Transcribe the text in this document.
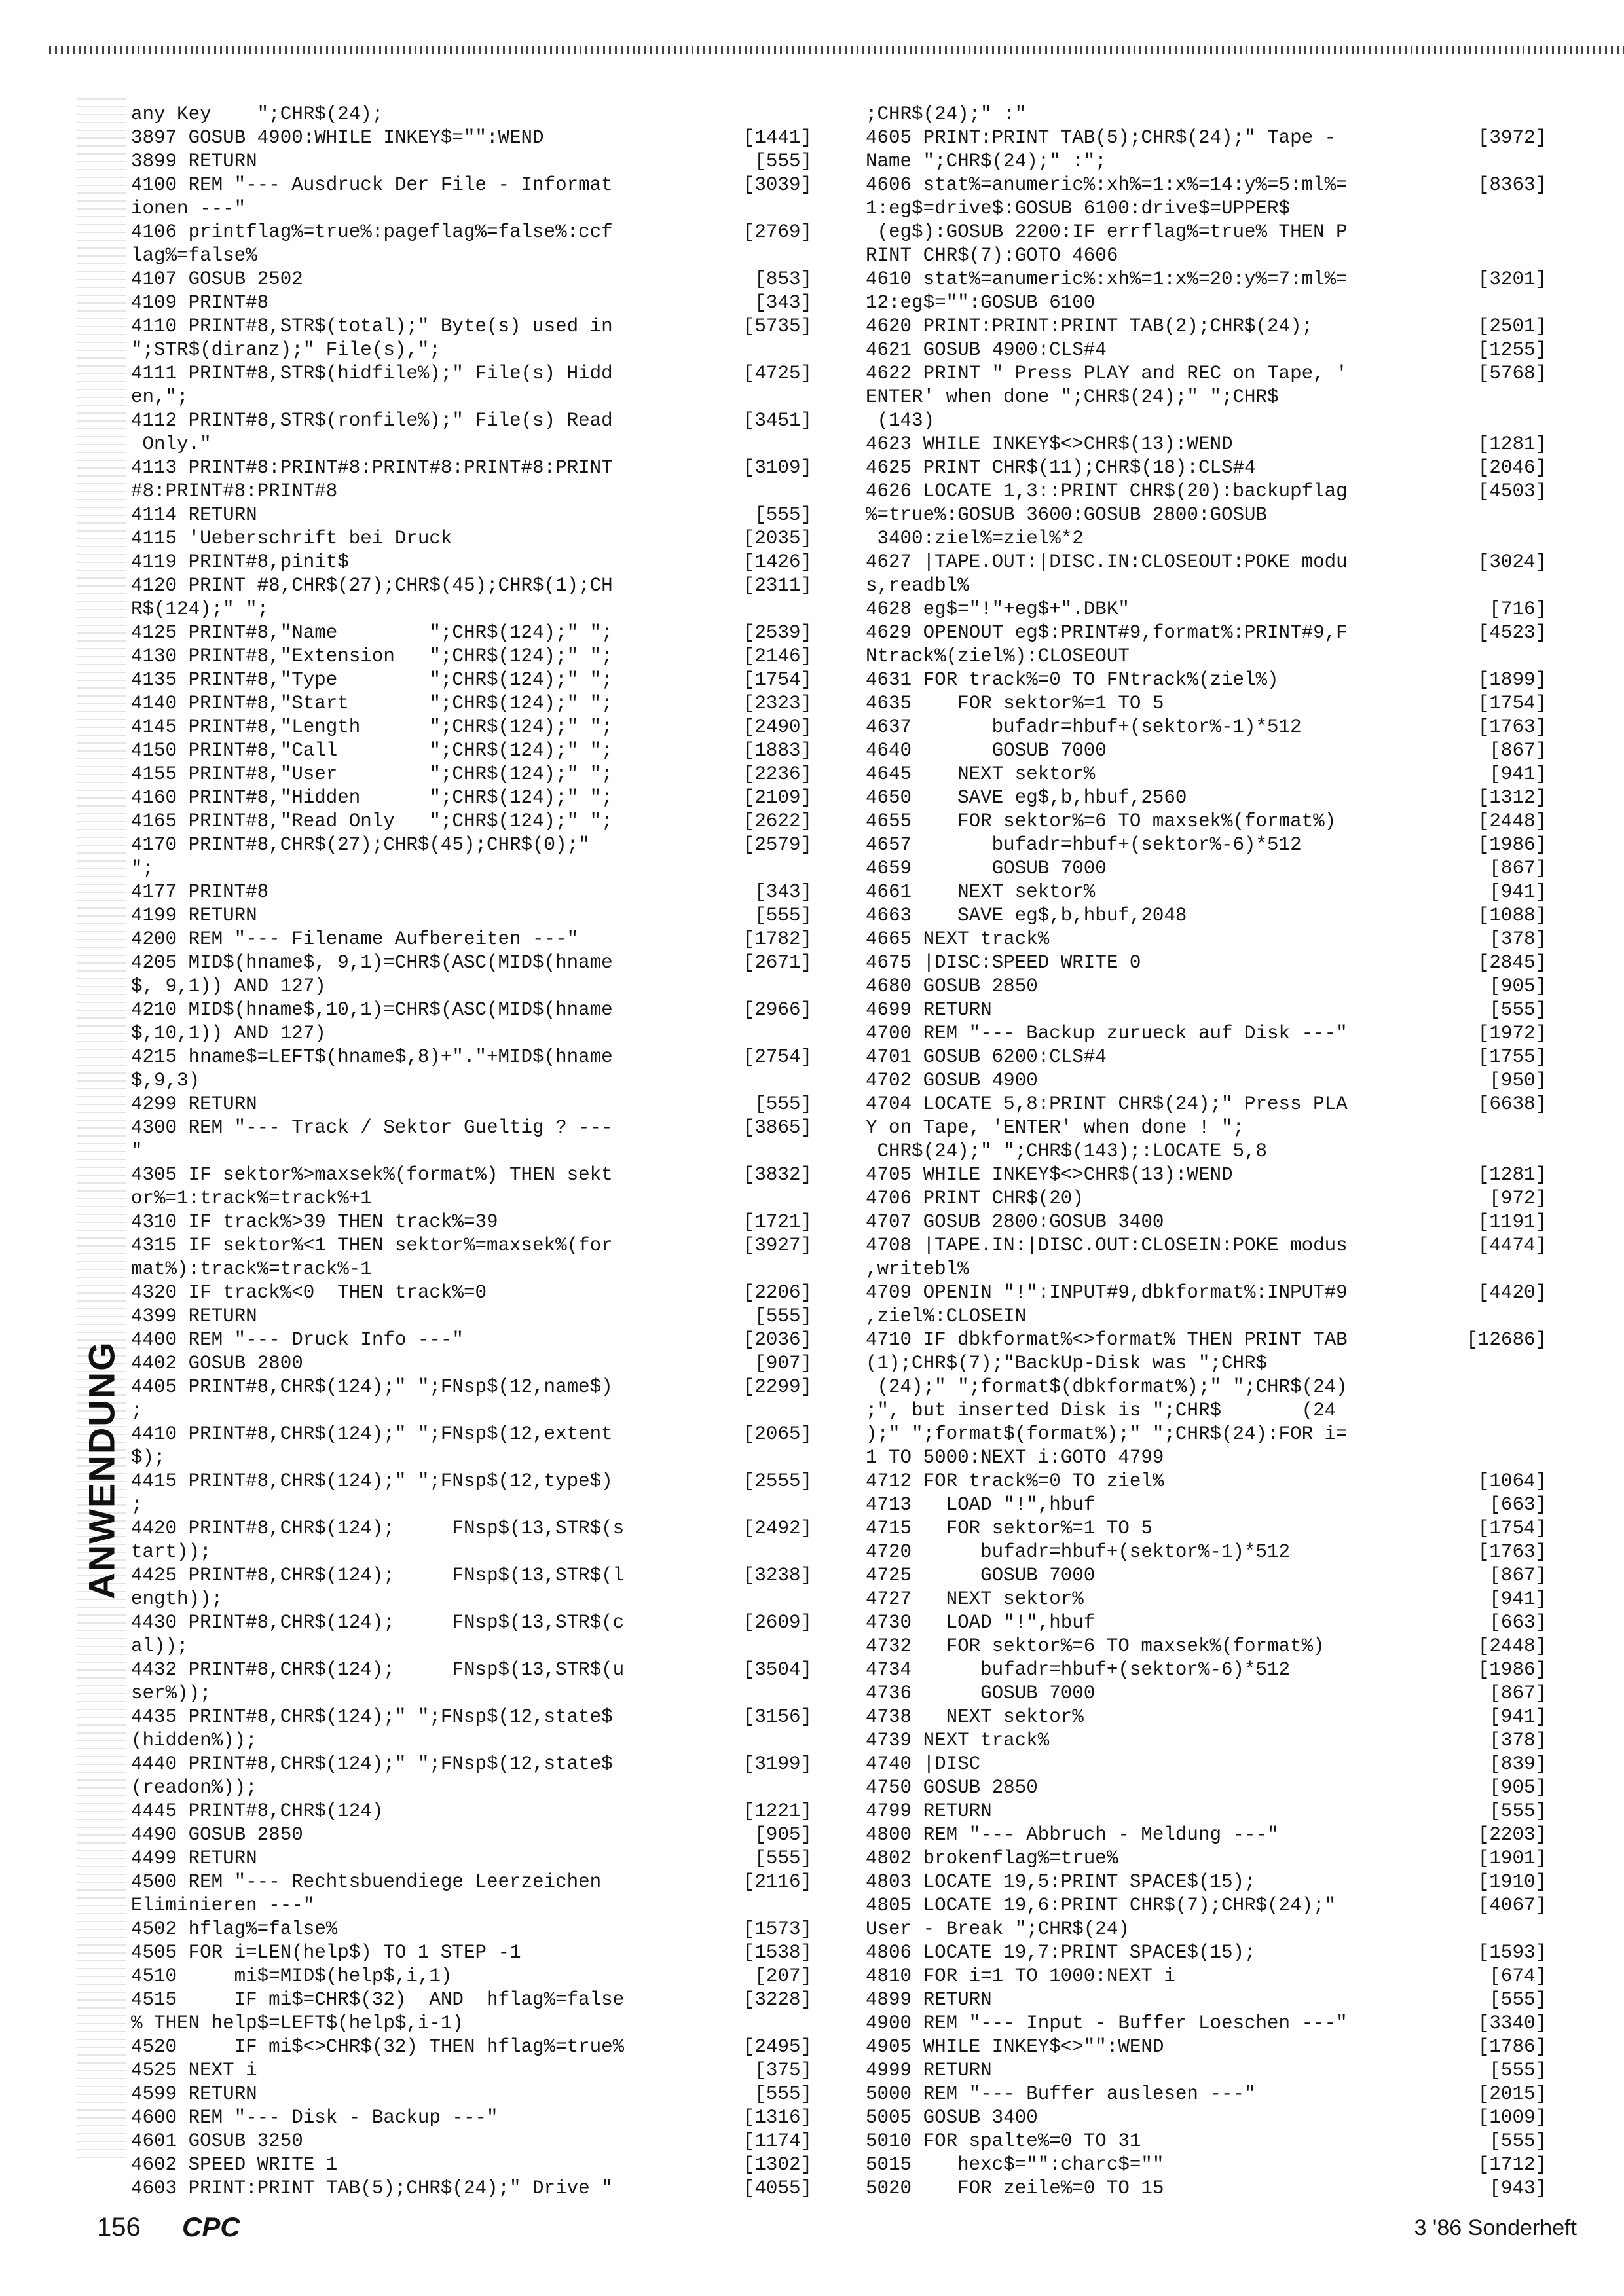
ANWENDUNG
any Key    ";CHR$(24);
3897 GOSUB 4900:WHILE INKEY$="":WEND	[1441]
3899 RETURN	[555]
4100 REM "--- Ausdruck Der File - Informat	[3039]
ionen ---"
4106 printflag%=true%:pageflag%=false%:ccf	[2769]
lag%=false%
4107 GOSUB 2502	[853]
4109 PRINT#8	[343]
4110 PRINT#8,STR$(total);" Byte(s) used in	[5735]
";STR$(diranz);" File(s),";
4111 PRINT#8,STR$(hidfile%);" File(s) Hidd	[4725]
en,";
4112 PRINT#8,STR$(ronfile%);" File(s) Read	[3451]
Only."
4113 PRINT#8:PRINT#8:PRINT#8:PRINT#8:PRINT	[3109]
#8:PRINT#8:PRINT#8
4114 RETURN	[555]
4115 'Ueberschrift bei Druck	[2035]
4119 PRINT#8,pinit$	[1426]
4120 PRINT #8,CHR$(27);CHR$(45);CHR$(1);CH	[2311]
R$(124);" ";
4125 PRINT#8,"Name        ";CHR$(124);" ";	[2539]
4130 PRINT#8,"Extension   ";CHR$(124);" ";	[2146]
4135 PRINT#8,"Type        ";CHR$(124);" ";	[1754]
4140 PRINT#8,"Start       ";CHR$(124);" ";	[2323]
4145 PRINT#8,"Length      ";CHR$(124);" ";	[2490]
4150 PRINT#8,"Call        ";CHR$(124);" ";	[1883]
4155 PRINT#8,"User        ";CHR$(124);" ";	[2236]
4160 PRINT#8,"Hidden      ";CHR$(124);" ";	[2109]
4165 PRINT#8,"Read Only   ";CHR$(124);" ";	[2622]
4170 PRINT#8,CHR$(27);CHR$(45);CHR$(0);"	[2579]
";
4177 PRINT#8	[343]
4199 RETURN	[555]
4200 REM "--- Filename Aufbereiten ---"	[1782]
4205 MID$(hname$, 9,1)=CHR$(ASC(MID$(hname	[2671]
$, 9,1)) AND 127)
4210 MID$(hname$,10,1)=CHR$(ASC(MID$(hname	[2966]
$,10,1)) AND 127)
4215 hname$=LEFT$(hname$,8)+"."+MID$(hname	[2754]
$,9,3)
4299 RETURN	[555]
4300 REM "--- Track / Sektor Gueltig ? ---	[3865]
"
4305 IF sektor%>maxsek%(format%) THEN sekt	[3832]
or%=1:track%=track%+1
4310 IF track%>39 THEN track%=39	[1721]
4315 IF sektor%<1 THEN sektor%=maxsek%(for	[3927]
mat%):track%=track%-1
4320 IF track%<0  THEN track%=0	[2206]
4399 RETURN	[555]
4400 REM "--- Druck Info ---"	[2036]
4402 GOSUB 2800	[907]
4405 PRINT#8,CHR$(124);" ";FNsp$(12,name$)	[2299]
;
4410 PRINT#8,CHR$(124);" ";FNsp$(12,extent	[2065]
$);
4415 PRINT#8,CHR$(124);" ";FNsp$(12,type$)	[2555]
;
4420 PRINT#8,CHR$(124);     FNsp$(13,STR$(s	[2492]
tart));
4425 PRINT#8,CHR$(124);     FNsp$(13,STR$(l	[3238]
ength));
4430 PRINT#8,CHR$(124);     FNsp$(13,STR$(c	[2609]
al));
4432 PRINT#8,CHR$(124);     FNsp$(13,STR$(u	[3504]
ser%));
4435 PRINT#8,CHR$(124);" ";FNsp$(12,state$	[3156]
(hidden%));
4440 PRINT#8,CHR$(124);" ";FNsp$(12,state$	[3199]
(readon%));
4445 PRINT#8,CHR$(124)	[1221]
4490 GOSUB 2850	[905]
4499 RETURN	[555]
4500 REM "--- Rechtsbuendiege Leerzeichen	[2116]
Eliminieren ---"
4502 hflag%=false%	[1573]
4505 FOR i=LEN(help$) TO 1 STEP -1	[1538]
4510     mi$=MID$(help$,i,1)	[207]
4515     IF mi$=CHR$(32)  AND  hflag%=false	[3228]
% THEN help$=LEFT$(help$,i-1)
4520     IF mi$<>CHR$(32) THEN hflag%=true%	[2495]
4525 NEXT i	[375]
4599 RETURN	[555]
4600 REM "--- Disk - Backup ---"	[1316]
4601 GOSUB 3250	[1174]
4602 SPEED WRITE 1	[1302]
4603 PRINT:PRINT TAB(5);CHR$(24);" Drive "	[4055]
;CHR$(24);" :"
4605 PRINT:PRINT TAB(5);CHR$(24);" Tape -	[3972]
Name ";CHR$(24);" :";
4606 stat%=anumeric%:xh%=1:x%=14:y%=5:ml%=	[8363]
1:eg$=drive$:GOSUB 6100:drive$=UPPER$
(eg$):GOSUB 2200:IF errflag%=true% THEN P
RINT CHR$(7):GOTO 4606
4610 stat%=anumeric%:xh%=1:x%=20:y%=7:ml%=	[3201]
12:eg$="":GOSUB 6100
4620 PRINT:PRINT:PRINT TAB(2);CHR$(24);	[2501]
4621 GOSUB 4900:CLS#4	[1255]
4622 PRINT " Press PLAY and REC on Tape, '	[5768]
ENTER' when done ";CHR$(24);" ";CHR$
(143)
4623 WHILE INKEY$<>CHR$(13):WEND	[1281]
4625 PRINT CHR$(11);CHR$(18):CLS#4	[2046]
4626 LOCATE 1,3::PRINT CHR$(20):backupflag	[4503]
%=true%:GOSUB 3600:GOSUB 2800:GOSUB
3400:ziel%=ziel%*2
4627 |TAPE.OUT:|DISC.IN:CLOSEOUT:POKE modu	[3024]
s,readbl%
4628 eg$="!"+eg$+".DBK"	[716]
4629 OPENOUT eg$:PRINT#9,format%:PRINT#9,F	[4523]
Ntrack%(ziel%):CLOSEOUT
4631 FOR track%=0 TO FNtrack%(ziel%)	[1899]
4635    FOR sektor%=1 TO 5	[1754]
4637       bufadr=hbuf+(sektor%-1)*512	[1763]
4640       GOSUB 7000	[867]
4645    NEXT sektor%	[941]
4650    SAVE eg$,b,hbuf,2560	[1312]
4655    FOR sektor%=6 TO maxsek%(format%)	[2448]
4657       bufadr=hbuf+(sektor%-6)*512	[1986]
4659       GOSUB 7000	[867]
4661    NEXT sektor%	[941]
4663    SAVE eg$,b,hbuf,2048	[1088]
4665 NEXT track%	[378]
4675 |DISC:SPEED WRITE 0	[2845]
4680 GOSUB 2850	[905]
4699 RETURN	[555]
4700 REM "--- Backup zurueck auf Disk ---"	[1972]
4701 GOSUB 6200:CLS#4	[1755]
4702 GOSUB 4900	[950]
4704 LOCATE 5,8:PRINT CHR$(24);" Press PLA	[6638]
Y on Tape, 'ENTER' when done ! ";
CHR$(24);" ";CHR$(143);:LOCATE 5,8
4705 WHILE INKEY$<>CHR$(13):WEND	[1281]
4706 PRINT CHR$(20)	[972]
4707 GOSUB 2800:GOSUB 3400	[1191]
4708 |TAPE.IN:|DISC.OUT:CLOSEIN:POKE modus	[4474]
,writebl%
4709 OPENIN "!":INPUT#9,dbkformat%:INPUT#9	[4420]
,ziel%:CLOSEIN
4710 IF dbkformat%<>format% THEN PRINT TAB	[12686]
(1);CHR$(7);"BackUp-Disk was ";CHR$
(24);" ";format$(dbkformat%);" ";CHR$(24)
;", but inserted Disk is ";CHR$       (24
);" ";format$(format%);" ";CHR$(24):FOR i=
1 TO 5000:NEXT i:GOTO 4799
4712 FOR track%=0 TO ziel%	[1064]
4713   LOAD "!",hbuf	[663]
4715   FOR sektor%=1 TO 5	[1754]
4720      bufadr=hbuf+(sektor%-1)*512	[1763]
4725      GOSUB 7000	[867]
4727   NEXT sektor%	[941]
4730   LOAD "!",hbuf	[663]
4732   FOR sektor%=6 TO maxsek%(format%)	[2448]
4734      bufadr=hbuf+(sektor%-6)*512	[1986]
4736      GOSUB 7000	[867]
4738   NEXT sektor%	[941]
4739 NEXT track%	[378]
4740 |DISC	[839]
4750 GOSUB 2850	[905]
4799 RETURN	[555]
4800 REM "--- Abbruch - Meldung ---"	[2203]
4802 brokenflag%=true%	[1901]
4803 LOCATE 19,5:PRINT SPACE$(15);	[1910]
4805 LOCATE 19,6:PRINT CHR$(7);CHR$(24);"	[4067]
User - Break ";CHR$(24)
4806 LOCATE 19,7:PRINT SPACE$(15);	[1593]
4810 FOR i=1 TO 1000:NEXT i	[674]
4899 RETURN	[555]
4900 REM "--- Input - Buffer Loeschen ---"	[3340]
4905 WHILE INKEY$<>"":WEND	[1786]
4999 RETURN	[555]
5000 REM "--- Buffer auslesen ---"	[2015]
5005 GOSUB 3400	[1009]
5010 FOR spalte%=0 TO 31	[555]
5015    hexc$="":charc$=""	[1712]
5020    FOR zeile%=0 TO 15	[943]
156 CPC	3 '86 Sonderheft
